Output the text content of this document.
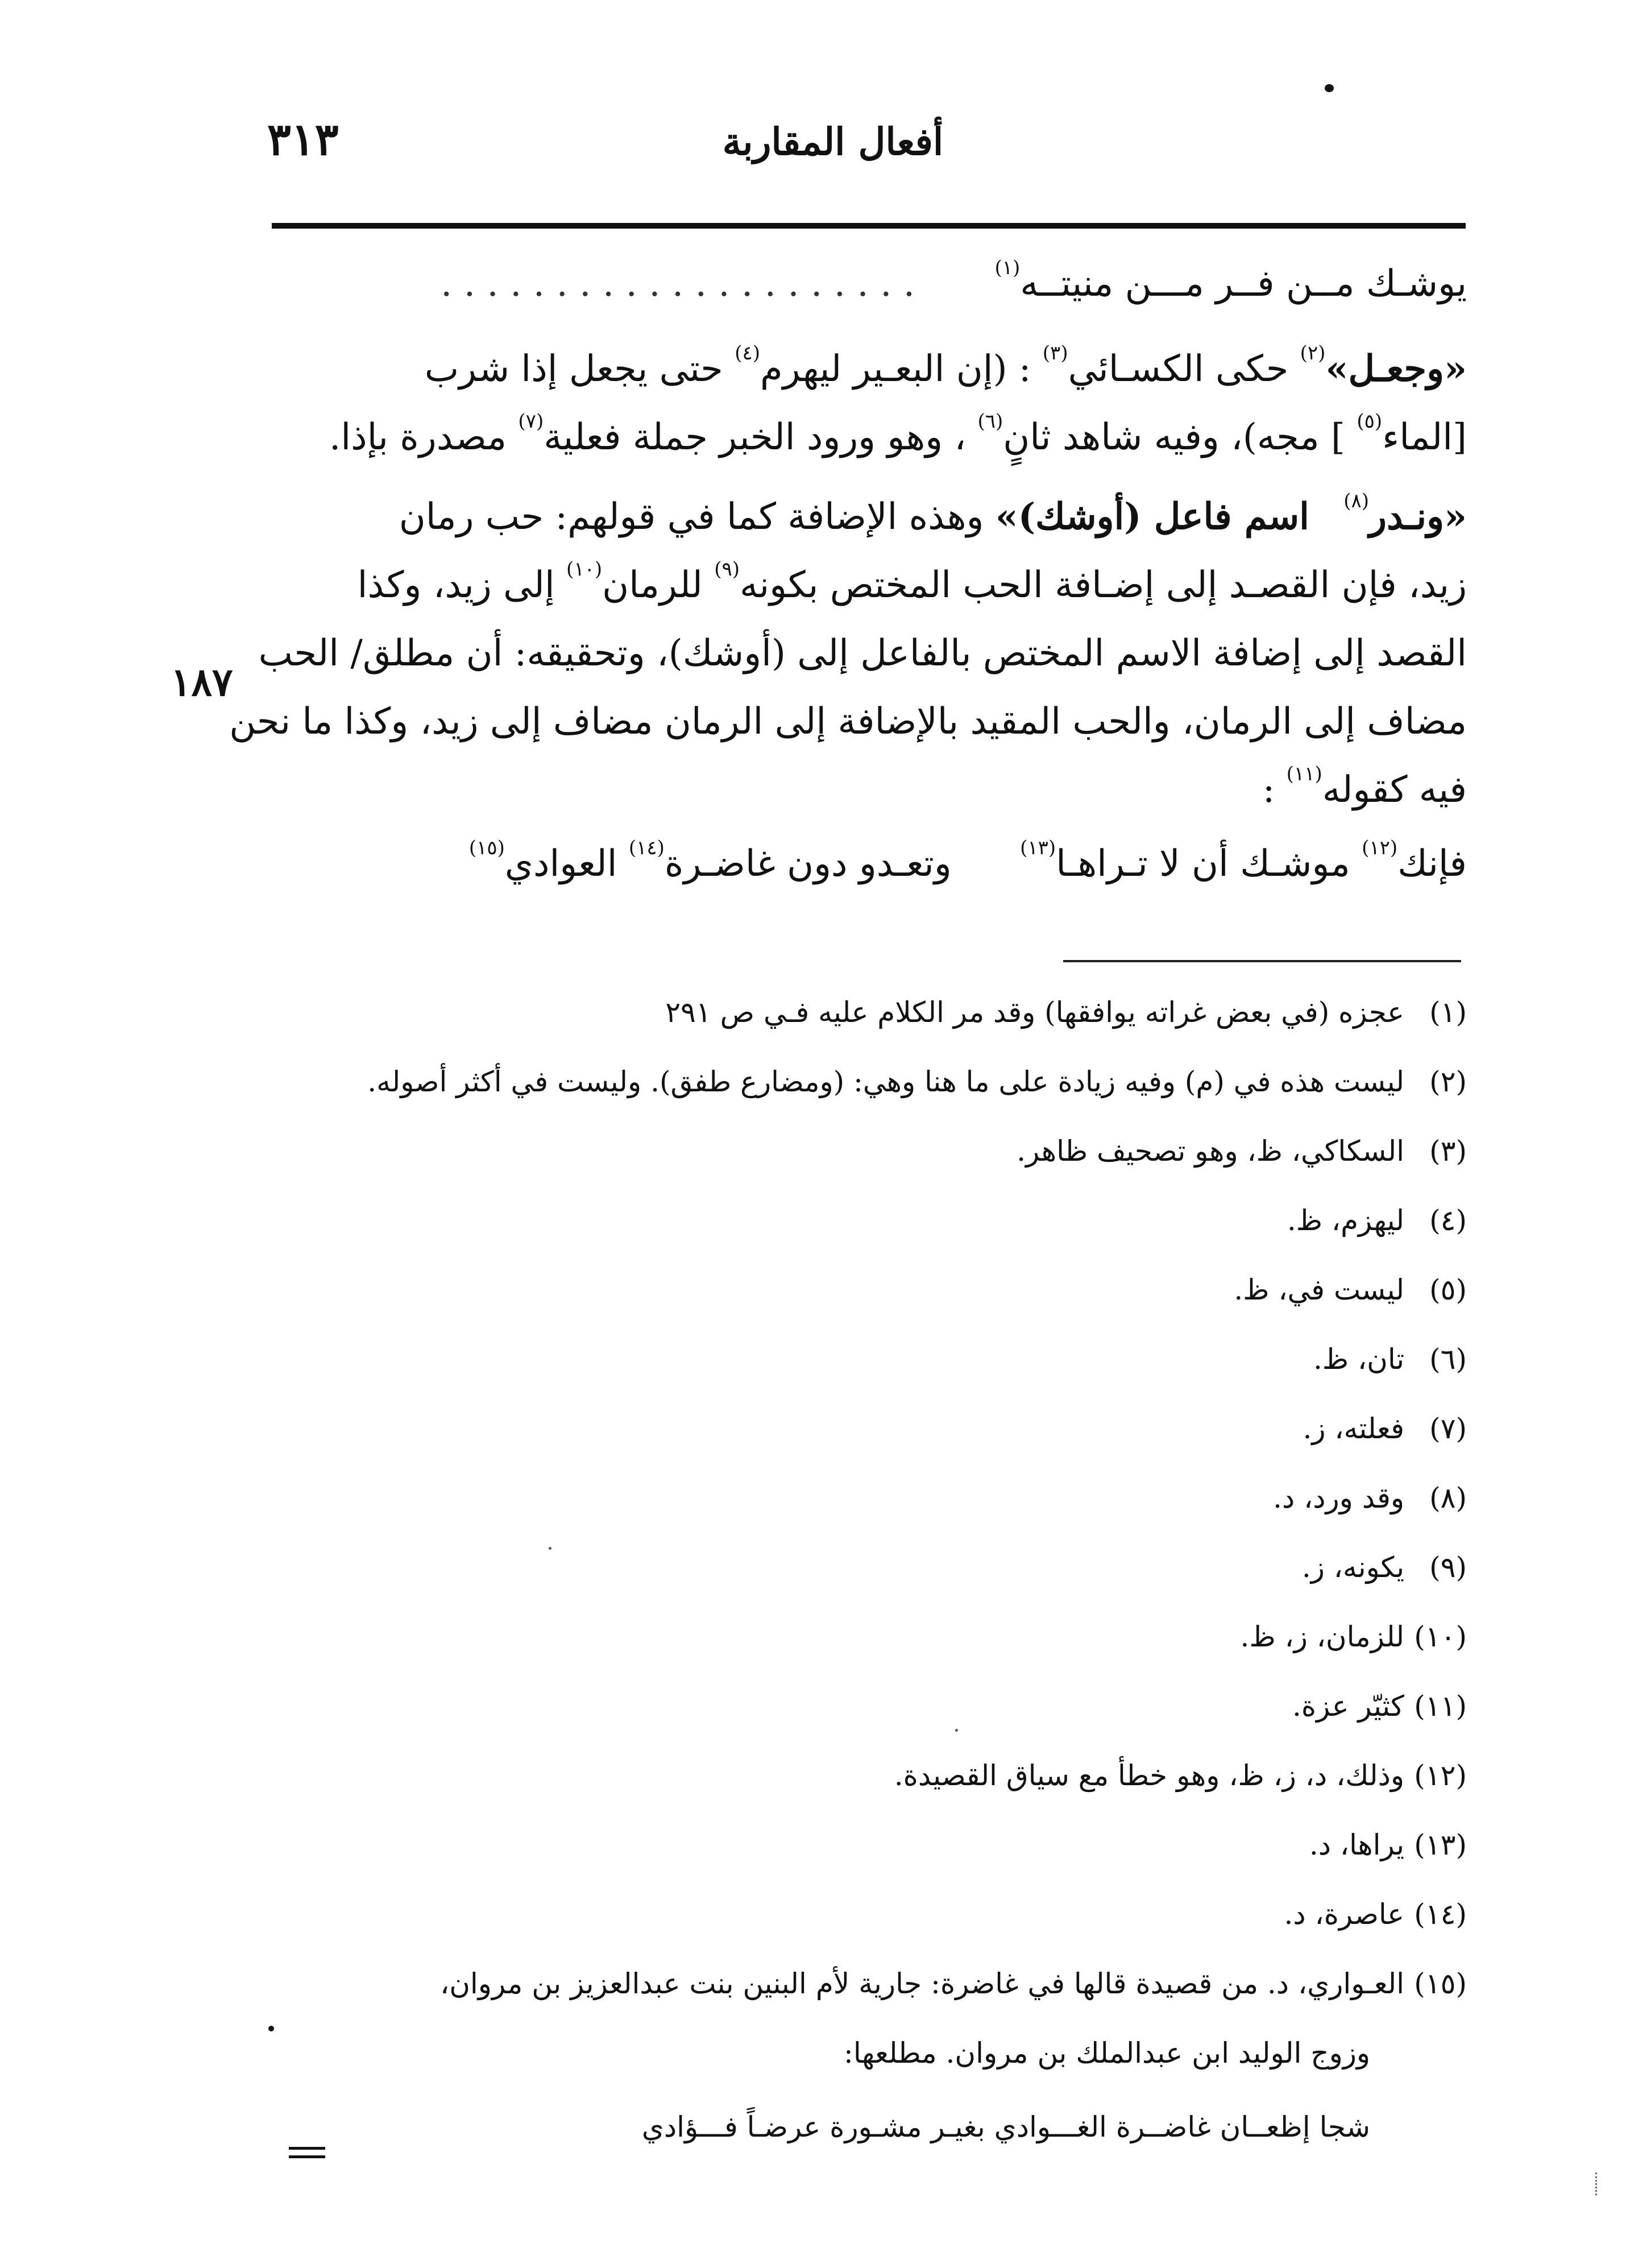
٣١٣	أفعال المقاربة
١٨٧
يوشـك مــن فــر مـــن منيتــه$^{(١)}$ . . . . . . . . . . . . . . . . . . . . .
«وجعـل»$^{(٢)}$ حكى الكسـائي$^{(٣)}$ : (إن البعـير ليهرم$^{(٤)}$ حتى يجعل إذا شرب
[الماء$^{(٥)}$ ] مجه)، وفيه شاهد ثانٍ$^{(٦)}$ ، وهو ورود الخبر جملة فعلية$^{(٧)}$ مصدرة بإذا.
«ونـدر$^{(٨)}$ اسم فاعل (أوشك)» وهذه الإضافة كما في قولهم: حب رمان
زيد، فإن القصـد إلى إضـافة الحب المختص بكونه$^{(٩)}$ للرمان$^{(١٠)}$ إلى زيد، وكذا
القصد إلى إضافة الاسم المختص بالفاعل إلى (أوشك)، وتحقيقه: أن مطلق/ الحب
مضاف إلى الرمان، والحب المقيد بالإضافة إلى الرمان مضاف إلى زيد، وكذا ما نحن
فيه كقوله$^{(١١)}$ :
فإنك$^{(١٢)}$ موشـك أن لا تـراهـا$^{(١٣)}$ وتعـدو دون غاضـرة$^{(١٤)}$ العوادي$^{(١٥)}$
(١)عجزه (في بعض غراته يوافقها) وقد مر الكلام عليه فـي ص ٢٩١
(٢)ليست هذه في (م) وفيه زيادة على ما هنا وهي: (ومضارع طفق). وليست في أكثر أصوله.
(٣)السكاكي، ظ، وهو تصحيف ظاهر.
(٤)ليهزم، ظ.
(٥)ليست في، ظ.
(٦)تان، ظ.
(٧)فعلته، ز.
(٨)وقد ورد، د.
(٩)يكونه، ز.
(١٠)للزمان، ز، ظ.
(١١)كثيّر عزة.
(١٢)وذلك، د، ز، ظ، وهو خطأ مع سياق القصيدة.
(١٣)يراها، د.
(١٤)عاصرة، د.
(١٥)العـواري، د. من قصيدة قالها في غاضرة: جارية لأم البنين بنت عبدالعزيز بن مروان،
وزوج الوليد ابن عبدالملك بن مروان. مطلعها:
شجا إظعــان غاضــرة الغـــوادي بغيـر مشـورة عرضـاً فـــؤادي
